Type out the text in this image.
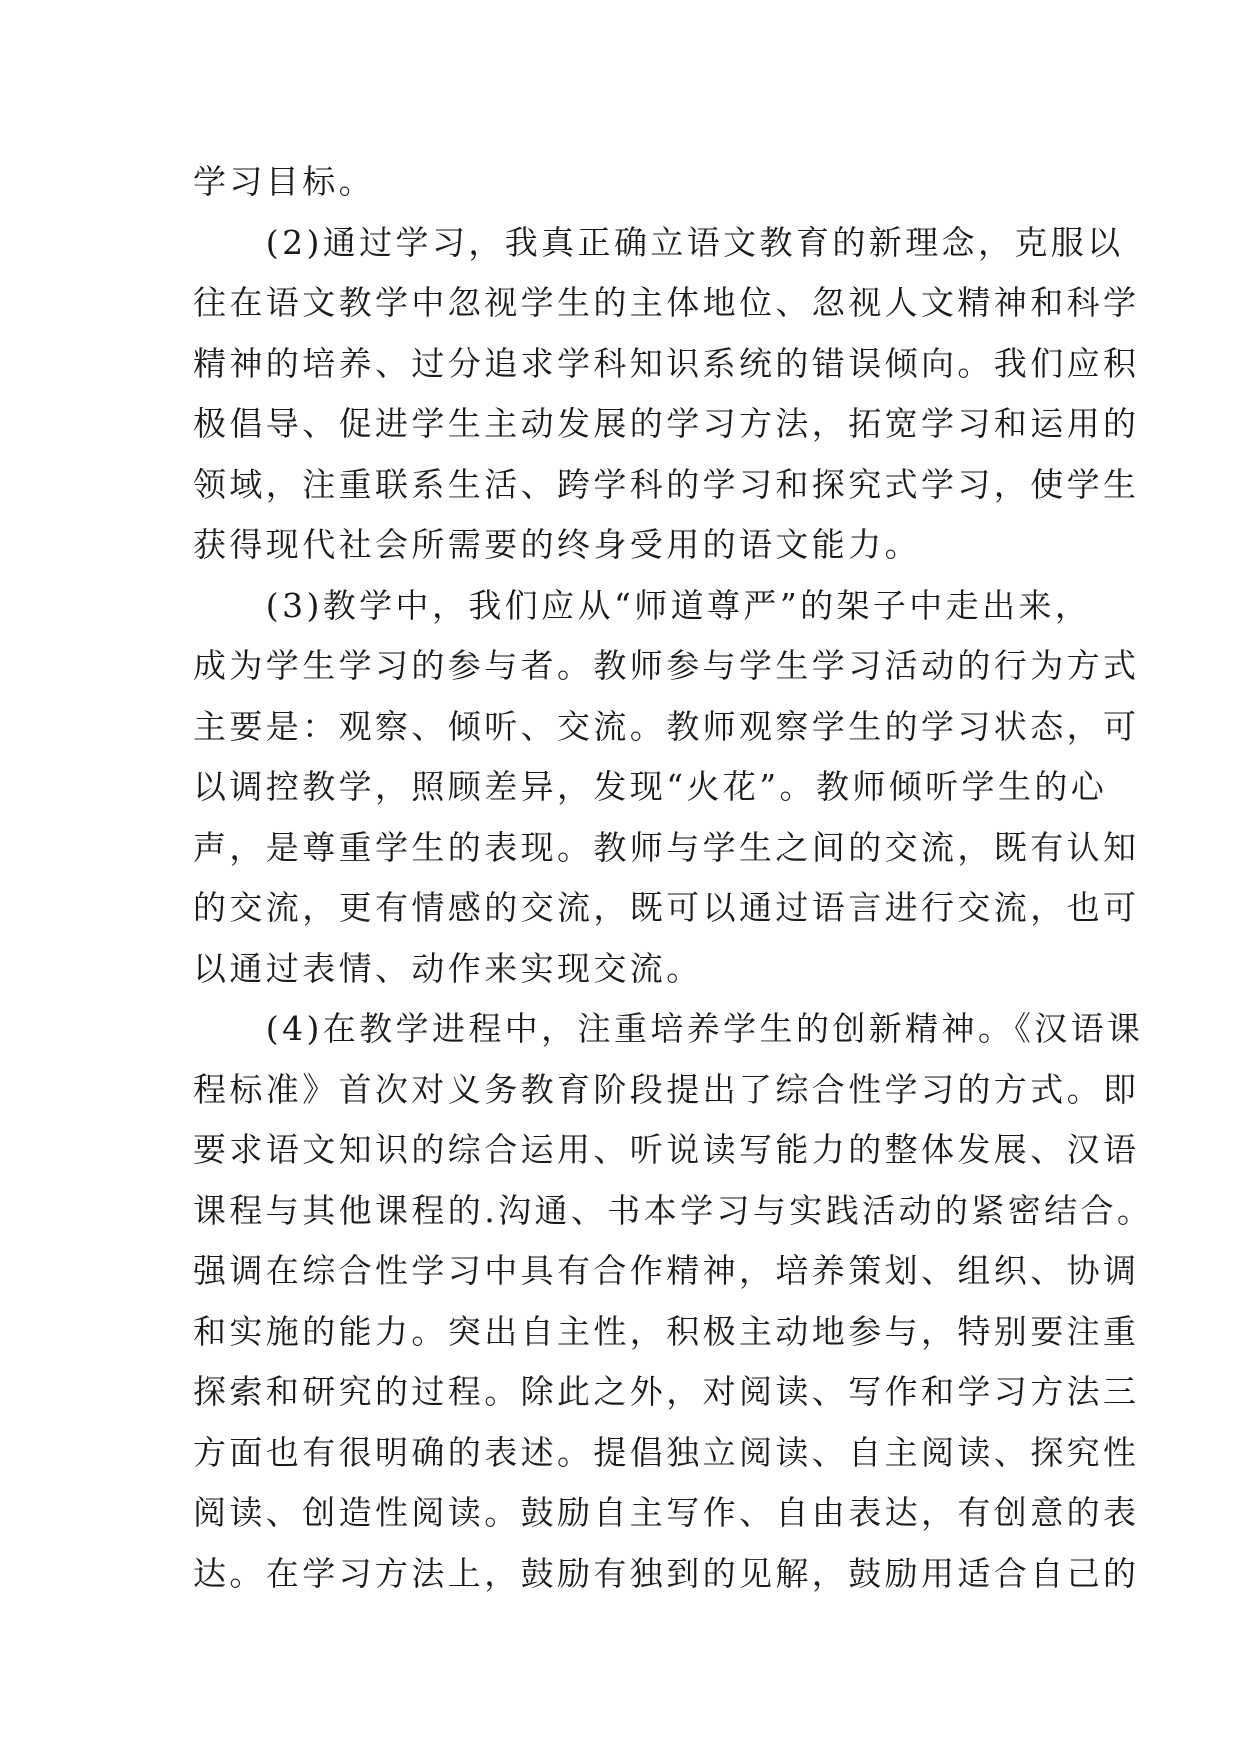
学习目标。
　　(2)通过学习，我真正确立语文教育的新理念，克服以
往在语文教学中忽视学生的主体地位、忽视人文精神和科学
精神的培养、过分追求学科知识系统的错误倾向。我们应积
极倡导、促进学生主动发展的学习方法，拓宽学习和运用的
领域，注重联系生活、跨学科的学习和探究式学习，使学生
获得现代社会所需要的终身受用的语文能力。
　　(3)教学中，我们应从“师道尊严”的架子中走出来，
成为学生学习的参与者。教师参与学生学习活动的行为方式
主要是：观察、倾听、交流。教师观察学生的学习状态，可
以调控教学，照顾差异，发现“火花”。教师倾听学生的心
声，是尊重学生的表现。教师与学生之间的交流，既有认知
的交流，更有情感的交流，既可以通过语言进行交流，也可
以通过表情、动作来实现交流。
　　(4)在教学进程中，注重培养学生的创新精神。《汉语课
程标准》首次对义务教育阶段提出了综合性学习的方式。即
要求语文知识的综合运用、听说读写能力的整体发展、汉语
课程与其他课程的.沟通、书本学习与实践活动的紧密结合。
强调在综合性学习中具有合作精神，培养策划、组织、协调
和实施的能力。突出自主性，积极主动地参与，特别要注重
探索和研究的过程。除此之外，对阅读、写作和学习方法三
方面也有很明确的表述。提倡独立阅读、自主阅读、探究性
阅读、创造性阅读。鼓励自主写作、自由表达，有创意的表
达。在学习方法上，鼓励有独到的见解，鼓励用适合自己的
